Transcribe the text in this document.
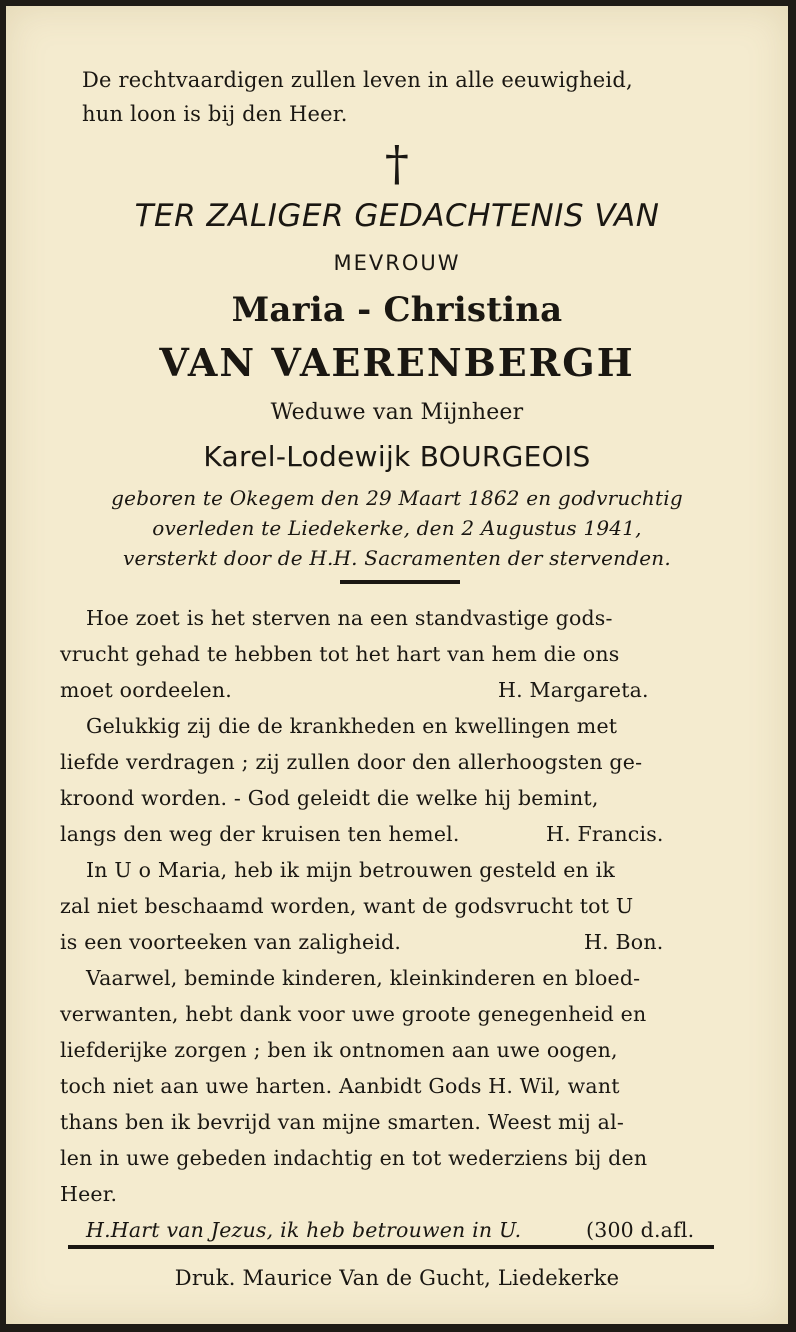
De rechtvaardigen zullen leven in alle eeuwigheid,
hun loon is bij den Heer.
†
TER ZALIGER GEDACHTENIS VAN
MEVROUW
Maria - Christina
VAN VAERENBERGH
Weduwe van Mijnheer
Karel-Lodewijk BOURGEOIS
geboren te Okegem den 29 Maart 1862 en godvruchtig
overleden te Liedekerke, den 2 Augustus 1941,
versterkt door de H.H. Sacramenten der stervenden.
Hoe zoet is het sterven na een standvastige gods-
vrucht gehad te hebben tot het hart van hem die ons
moet oordeelen.	H. Margareta.
Gelukkig zij die de krankheden en kwellingen met
liefde verdragen ; zij zullen door den allerhoogsten ge-
kroond worden. - God geleidt die welke hij bemint,
langs den weg der kruisen ten hemel.	H. Francis.
In U o Maria, heb ik mijn betrouwen gesteld en ik
zal niet beschaamd worden, want de godsvrucht tot U
is een voorteeken van zaligheid.	H. Bon.
Vaarwel, beminde kinderen, kleinkinderen en bloed-
verwanten, hebt dank voor uwe groote genegenheid en
liefderijke zorgen ; ben ik ontnomen aan uwe oogen,
toch niet aan uwe harten. Aanbidt Gods H. Wil, want
thans ben ik bevrijd van mijne smarten. Weest mij al-
len in uwe gebeden indachtig en tot wederziens bij den
Heer.
H.Hart van Jezus, ik heb betrouwen in U.	(300 d.afl.
Druk. Maurice Van de Gucht, Liedekerke
